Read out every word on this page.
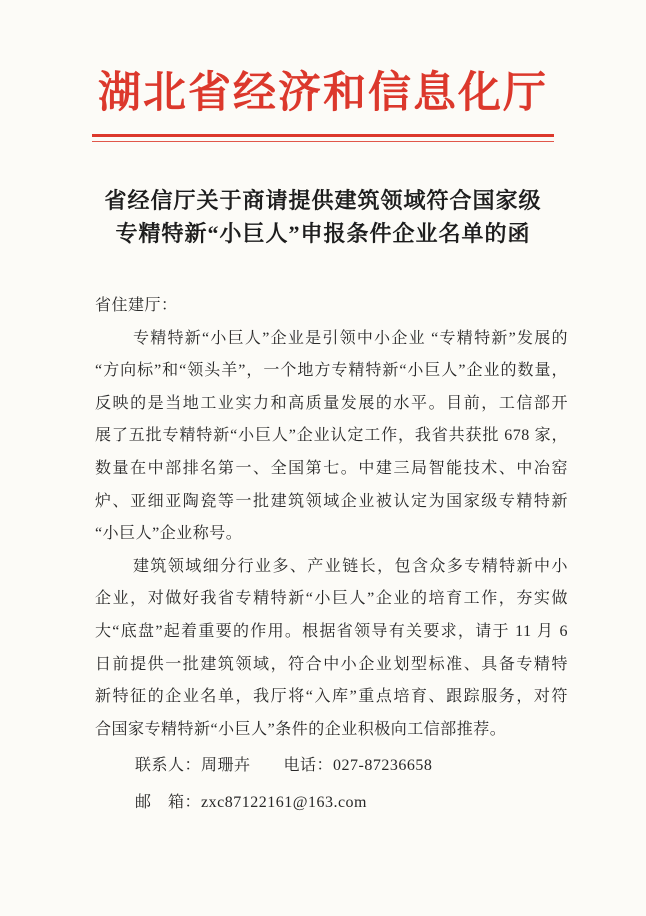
湖北省经济和信息化厅
省经信厅关于商请提供建筑领域符合国家级
专精特新“小巨人”申报条件企业名单的函
省住建厅：
专精特新“小巨人”企业是引领中小企业 “专精特新”发展的
“方向标”和“领头羊”，一个地方专精特新“小巨人”企业的数量，
反映的是当地工业实力和高质量发展的水平。目前，工信部开
展了五批专精特新“小巨人”企业认定工作，我省共获批 678 家，
数量在中部排名第一、全国第七。中建三局智能技术、中冶窑
炉、亚细亚陶瓷等一批建筑领域企业被认定为国家级专精特新
“小巨人”企业称号。
建筑领域细分行业多、产业链长，包含众多专精特新中小
企业，对做好我省专精特新“小巨人”企业的培育工作，夯实做
大“底盘”起着重要的作用。根据省领导有关要求，请于 11 月 6
日前提供一批建筑领域，符合中小企业划型标准、具备专精特
新特征的企业名单，我厅将“入库”重点培育、跟踪服务，对符
合国家专精特新“小巨人”条件的企业积极向工信部推荐。
联系人：周珊卉　　电话：027-87236658
邮　箱：zxc87122161@163.com
